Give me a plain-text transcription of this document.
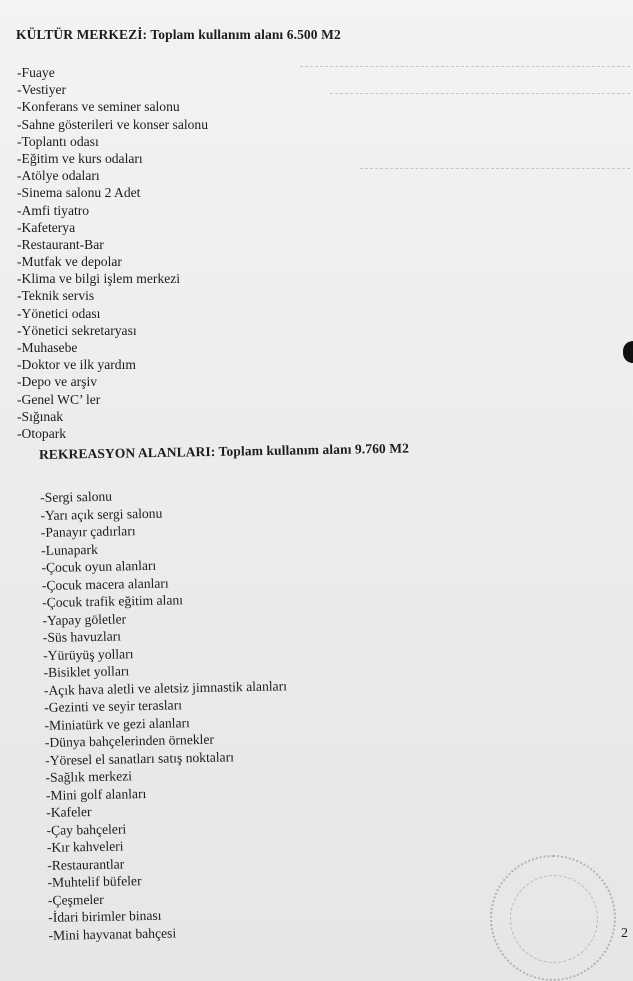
KÜLTÜR MERKEZİ: Toplam kullanım alanı 6.500 M2
-Fuaye
-Vestiyer
-Konferans ve seminer salonu
-Sahne gösterileri ve konser salonu
-Toplantı odası
-Eğitim ve kurs odaları
-Atölye odaları
-Sinema salonu 2 Adet
-Amfi tiyatro
-Kafeterya
-Restaurant-Bar
-Mutfak ve depolar
-Klima ve bilgi işlem merkezi
-Teknik servis
-Yönetici odası
-Yönetici sekretaryası
-Muhasebe
-Doktor ve ilk yardım
-Depo ve arşiv
-Genel WC’ ler
-Sığınak
-Otopark
REKREASYON ALANLARI: Toplam kullanım alanı 9.760 M2
-Sergi salonu
-Yarı açık sergi salonu
-Panayır çadırları
-Lunapark
-Çocuk oyun alanları
-Çocuk macera alanları
-Çocuk trafik eğitim alanı
-Yapay göletler
-Süs havuzları
-Yürüyüş yolları
-Bisiklet yolları
-Açık hava aletli ve aletsiz jimnastik alanları
-Gezinti ve seyir terasları
-Miniatürk ve gezi alanları
-Dünya bahçelerinden örnekler
-Yöresel el sanatları satış noktaları
-Sağlık merkezi
-Mini golf alanları
-Kafeler
-Çay bahçeleri
-Kır kahveleri
-Restaurantlar
-Muhtelif büfeler
-Çeşmeler
-İdari birimler binası
-Mini hayvanat bahçesi	2
